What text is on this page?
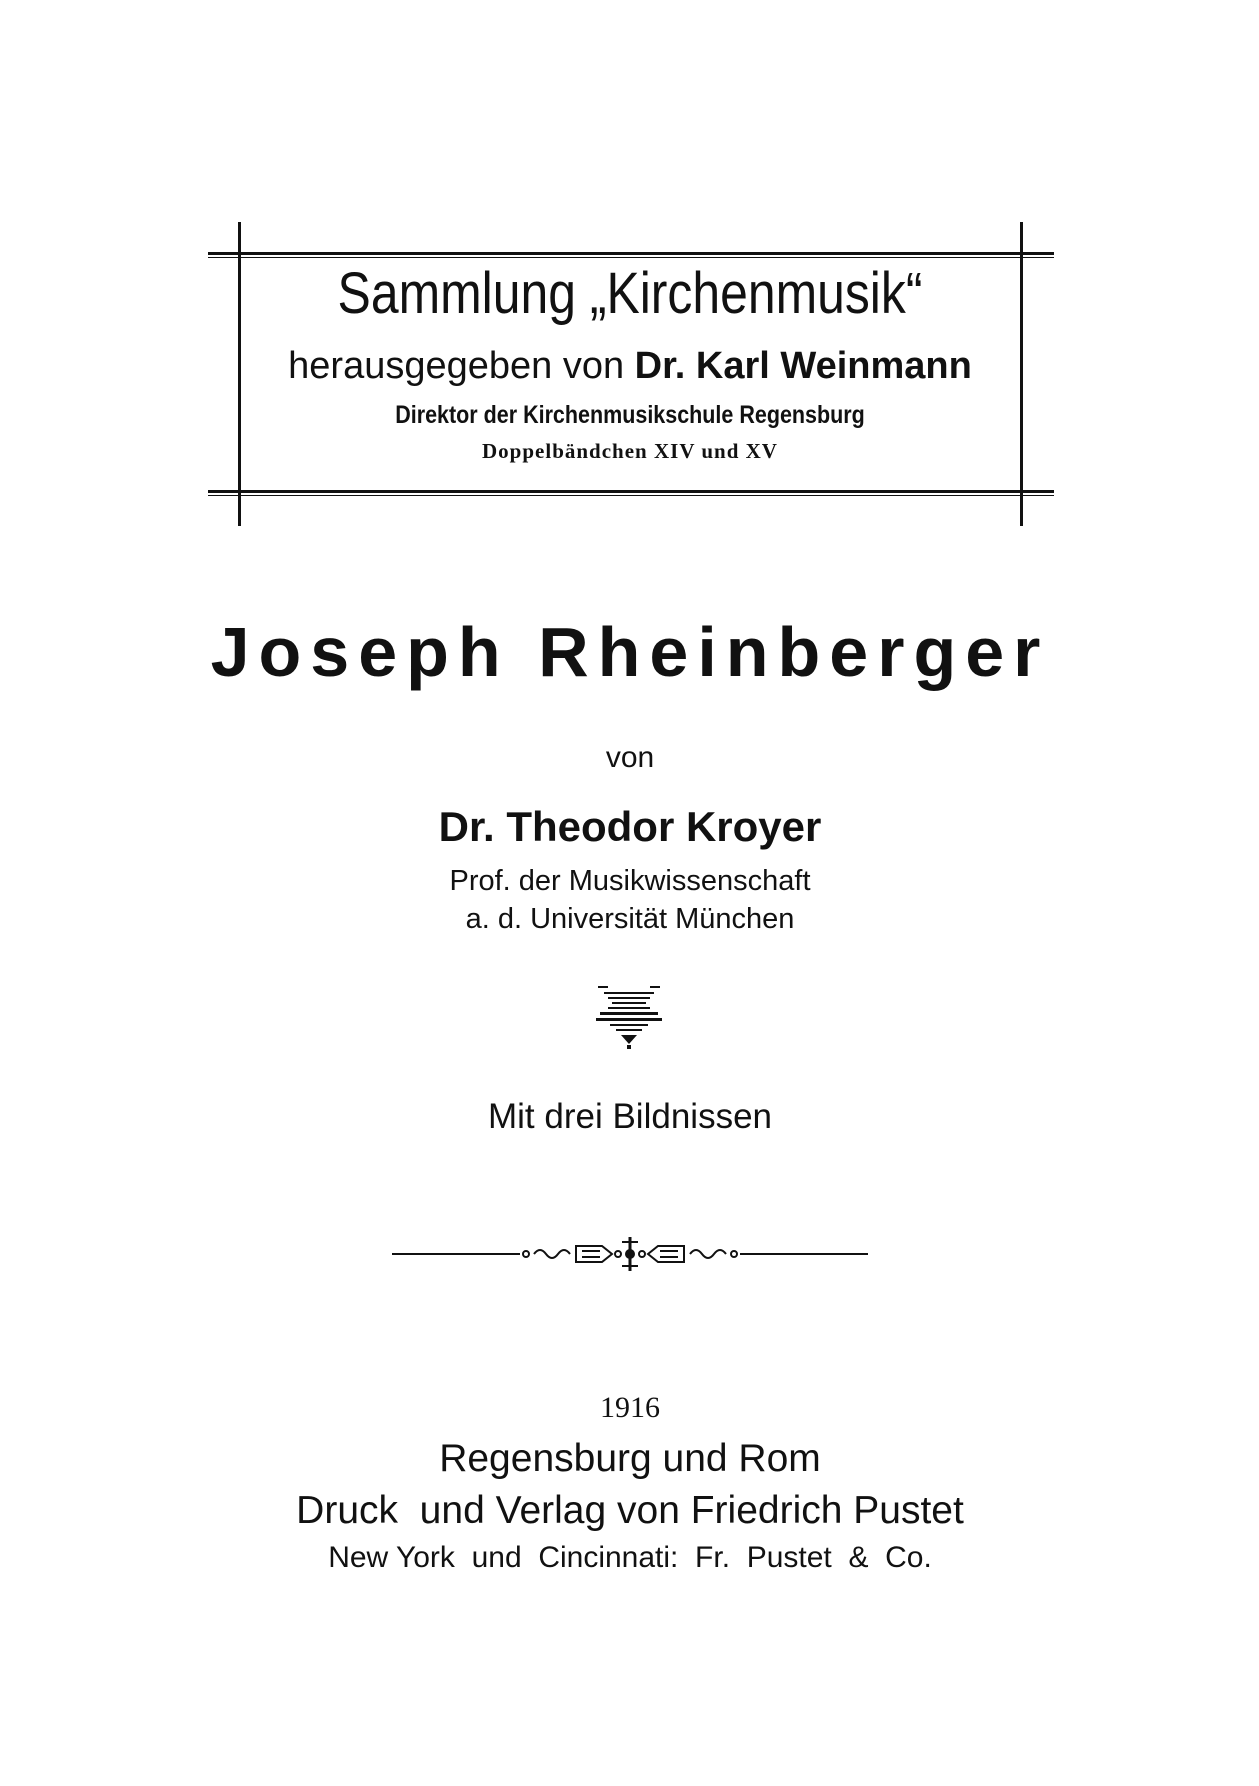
Sammlung „Kirchenmusik“
herausgegeben von Dr. Karl Weinmann
Direktor der Kirchenmusikschule Regensburg
Doppelbändchen XIV und XV
Joseph Rheinberger
von
Dr. Theodor Kroyer
Prof. der Musikwissenschaft
a. d. Universität München
Mit drei Bildnissen
1916
Regensburg und Rom
Druck  und Verlag von Friedrich Pustet
New York  und  Cincinnati:  Fr.  Pustet  &  Co.
